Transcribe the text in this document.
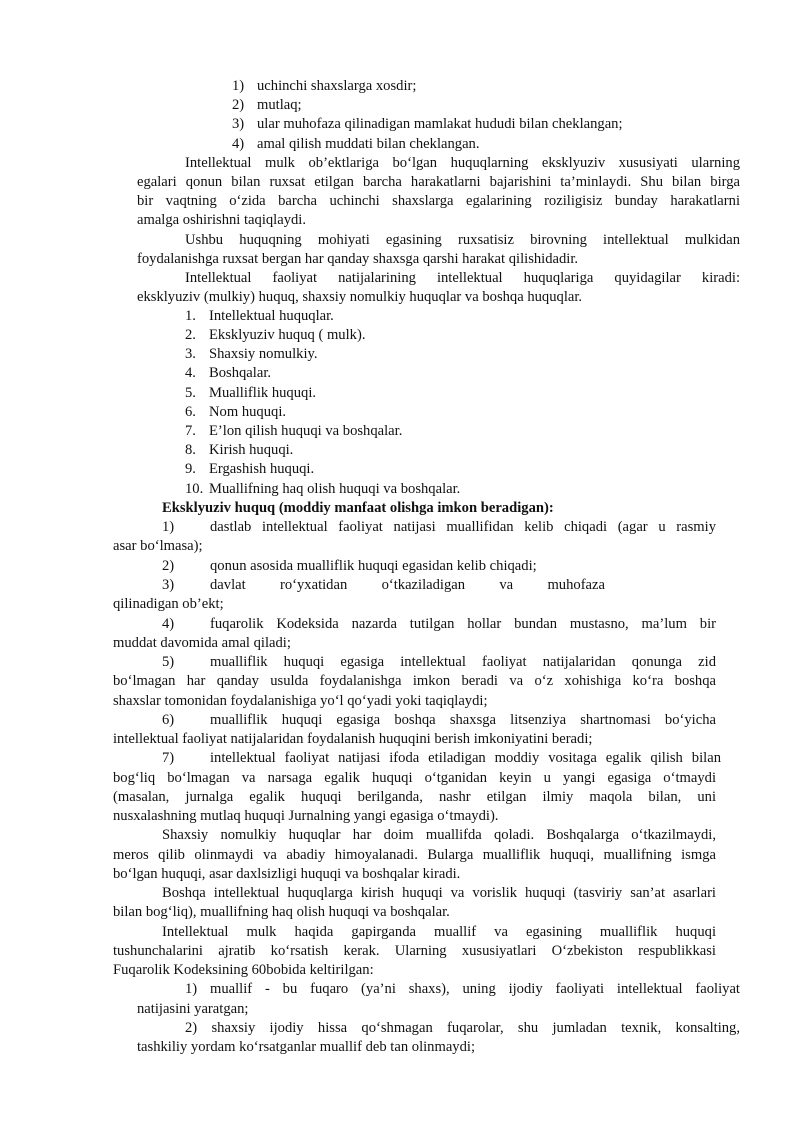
1) uchinchi shaxslarga xosdir;
2) mutlaq;
3) ular muhofaza qilinadigan mamlakat hududi bilan cheklangan;
4) amal qilish muddati bilan cheklangan.
Intellektual mulk ob’ektlariga bo‘lgan huquqlarning eksklyuziv xususiyati ularning
egalari qonun bilan ruxsat etilgan barcha harakatlarni bajarishini ta’minlaydi. Shu bilan birga
bir vaqtning o‘zida barcha uchinchi shaxslarga egalarining roziligisiz bunday harakatlarni
amalga oshirishni taqiqlaydi.
Ushbu huquqning mohiyati egasining ruxsatisiz birovning intellektual mulkidan
foydalanishga ruxsat bergan har qanday shaxsga qarshi harakat qilishidadir.
Intellektual faoliyat natijalarining intellektual huquqlariga quyidagilar kiradi:
eksklyuziv (mulkiy) huquq, shaxsiy nomulkiy huquqlar va boshqa huquqlar.
1. Intellektual huquqlar.
2. Eksklyuziv huquq ( mulk).
3. Shaxsiy nomulkiy.
4. Boshqalar.
5. Mualliflik huquqi.
6. Nom huquqi.
7. E’lon qilish huquqi va boshqalar.
8. Kirish huquqi.
9. Ergashish huquqi.
10. Muallifning haq olish huquqi va boshqalar.
Eksklyuziv huquq (moddiy manfaat olishga imkon beradigan):
1) dastlab intellektual faoliyat natijasi muallifidan kelib chiqadi (agar u rasmiy
asar bo‘lmasa);
2) qonun asosida mualliflik huquqi egasidan kelib chiqadi;
3) davlat ro‘yxatidan o‘tkaziladigan va muhofaza
qilinadigan ob’ekt;
4) fuqarolik Kodeksida nazarda tutilgan hollar bundan mustasno, ma’lum bir
muddat davomida amal qiladi;
5) mualliflik huquqi egasiga intellektual faoliyat natijalaridan qonunga zid
bo‘lmagan har qanday usulda foydalanishga imkon beradi va o‘z xohishiga ko‘ra boshqa
shaxslar tomonidan foydalanishiga yo‘l qo‘yadi yoki taqiqlaydi;
6) mualliflik huquqi egasiga boshqa shaxsga litsenziya shartnomasi bo‘yicha
intellektual faoliyat natijalaridan foydalanish huquqini berish imkoniyatini beradi;
7) intellektual faoliyat natijasi ifoda etiladigan moddiy vositaga egalik qilish bilan
bog‘liq bo‘lmagan va narsaga egalik huquqi o‘tganidan keyin u yangi egasiga o‘tmaydi
(masalan, jurnalga egalik huquqi berilganda, nashr etilgan ilmiy maqola bilan, uni
nusxalashning mutlaq huquqi Jurnalning yangi egasiga o‘tmaydi).
Shaxsiy nomulkiy huquqlar har doim muallifda qoladi. Boshqalarga o‘tkazilmaydi,
meros qilib olinmaydi va abadiy himoyalanadi. Bularga mualliflik huquqi, muallifning ismga
bo‘lgan huquqi, asar daxlsizligi huquqi va boshqalar kiradi.
Boshqa intellektual huquqlarga kirish huquqi va vorislik huquqi (tasviriy san’at asarlari
bilan bog‘liq), muallifning haq olish huquqi va boshqalar.
Intellektual mulk haqida gapirganda muallif va egasining mualliflik huquqi
tushunchalarini ajratib ko‘rsatish kerak. Ularning xususiyatlari O‘zbekiston respublikkasi
Fuqarolik Kodeksining 60bobida keltirilgan:
1) muallif - bu fuqaro (ya’ni shaxs), uning ijodiy faoliyati intellektual faoliyat
natijasini yaratgan;
2) shaxsiy ijodiy hissa qo‘shmagan fuqarolar, shu jumladan texnik, konsalting,
tashkiliy yordam ko‘rsatganlar muallif deb tan olinmaydi;
